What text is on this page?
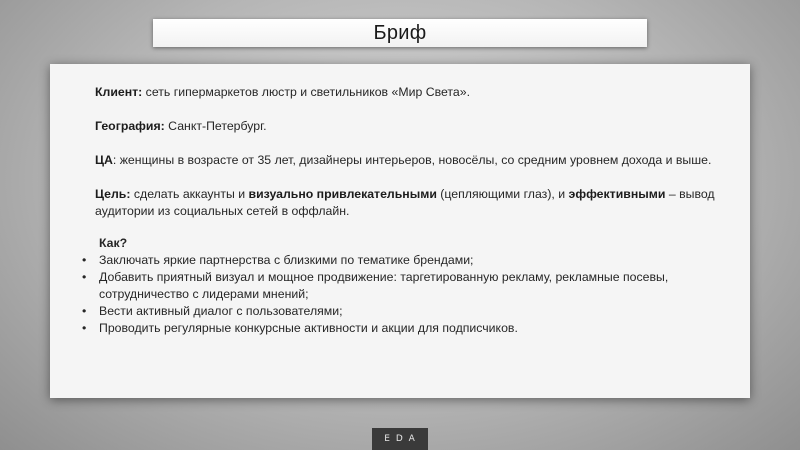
Бриф

Клиент: сеть гипермаркетов люстр и светильников «Мир Света».

География: Санкт-Петербург.

ЦА: женщины в возрасте от 35 лет, дизайнеры интерьеров, новосёлы, со средним уровнем дохода и выше.

Цель: сделать аккаунты и визуально привлекательными (цепляющими глаз), и эффективными – вывод аудитории из социальных сетей в оффлайн.

Как?
• Заключать яркие партнерства с близкими по тематике брендами;
• Добавить приятный визуал и мощное продвижение: таргетированную рекламу, рекламные посевы, сотрудничество с лидерами мнений;
• Вести активный диалог с пользователями;
• Проводить регулярные конкурсные активности и акции для подписчиков.
EDA
